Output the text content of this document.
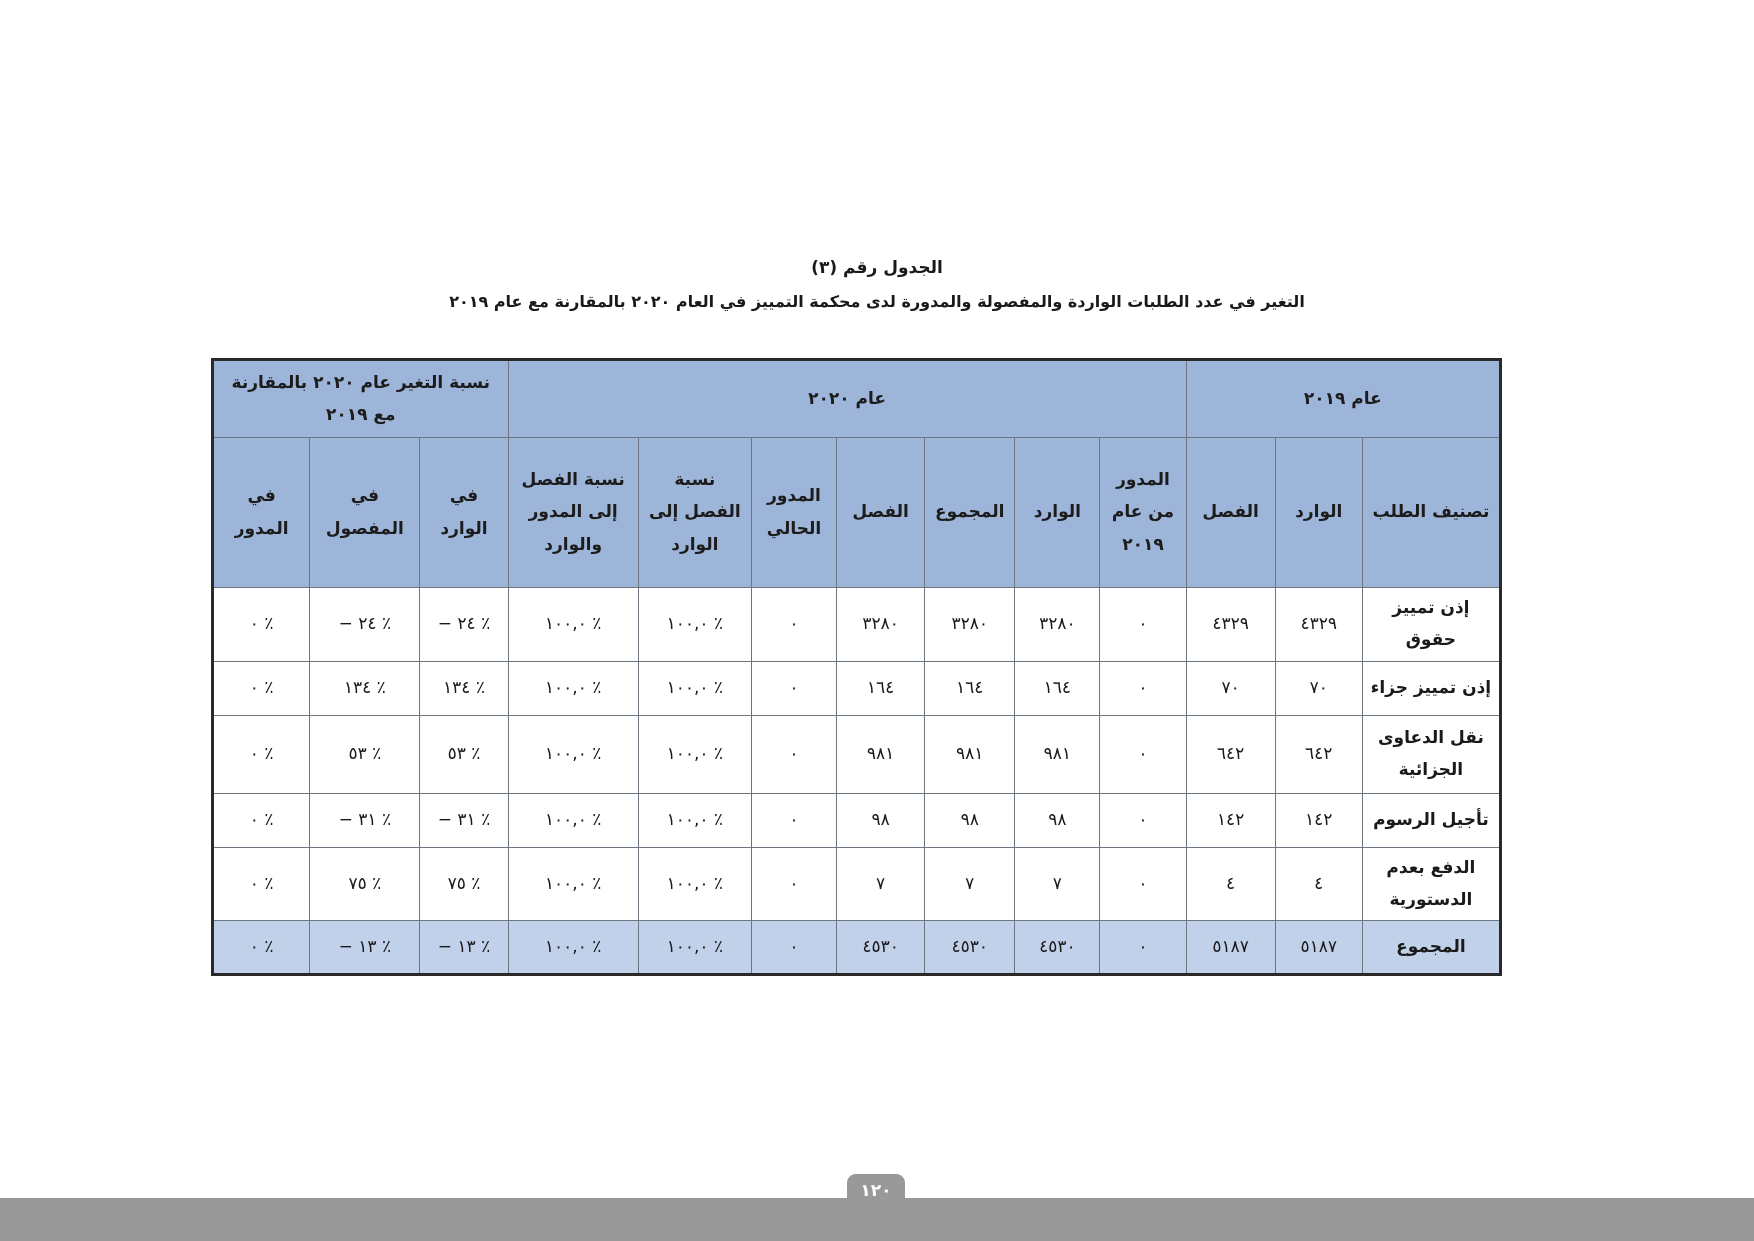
الجدول رقم (٣)
التغير في عدد الطلبات الواردة والمفصولة والمدورة لدى محكمة التمييز في العام ٢٠٢٠ بالمقارنة مع عام ٢٠١٩
عام ٢٠١٩			عام ٢٠٢٠							نسبة التغير عام ٢٠٢٠ بالمقارنة مع ٢٠١٩		
تصنيف الطلب	الوارد	الفصل	المدور من عام ٢٠١٩	الوارد	المجموع	الفصل	المدور الحالي	نسبة الفصل إلى الوارد	نسبة الفصل إلى المدور والوارد	في الوارد	في المفصول	في المدور
إذن تمييز حقوق	٤٣٢٩	٤٣٢٩	٠	٣٢٨٠	٣٢٨٠	٣٢٨٠	٠	٪ ١٠٠,٠	٪ ١٠٠,٠	٪ ٢٤ −	٪ ٢٤ −	٪ ٠
إذن تمييز جزاء	٧٠	٧٠	٠	١٦٤	١٦٤	١٦٤	٠	٪ ١٠٠,٠	٪ ١٠٠,٠	٪ ١٣٤	٪ ١٣٤	٪ ٠
نقل الدعاوى الجزائية	٦٤٢	٦٤٢	٠	٩٨١	٩٨١	٩٨١	٠	٪ ١٠٠,٠	٪ ١٠٠,٠	٪ ٥٣	٪ ٥٣	٪ ٠
تأجيل الرسوم	١٤٢	١٤٢	٠	٩٨	٩٨	٩٨	٠	٪ ١٠٠,٠	٪ ١٠٠,٠	٪ ٣١ −	٪ ٣١ −	٪ ٠
الدفع بعدم الدستورية	٤	٤	٠	٧	٧	٧	٠	٪ ١٠٠,٠	٪ ١٠٠,٠	٪ ٧٥	٪ ٧٥	٪ ٠
المجموع	٥١٨٧	٥١٨٧	٠	٤٥٣٠	٤٥٣٠	٤٥٣٠	٠	٪ ١٠٠,٠	٪ ١٠٠,٠	٪ ١٣ −	٪ ١٣ −	٪ ٠
١٢٠
